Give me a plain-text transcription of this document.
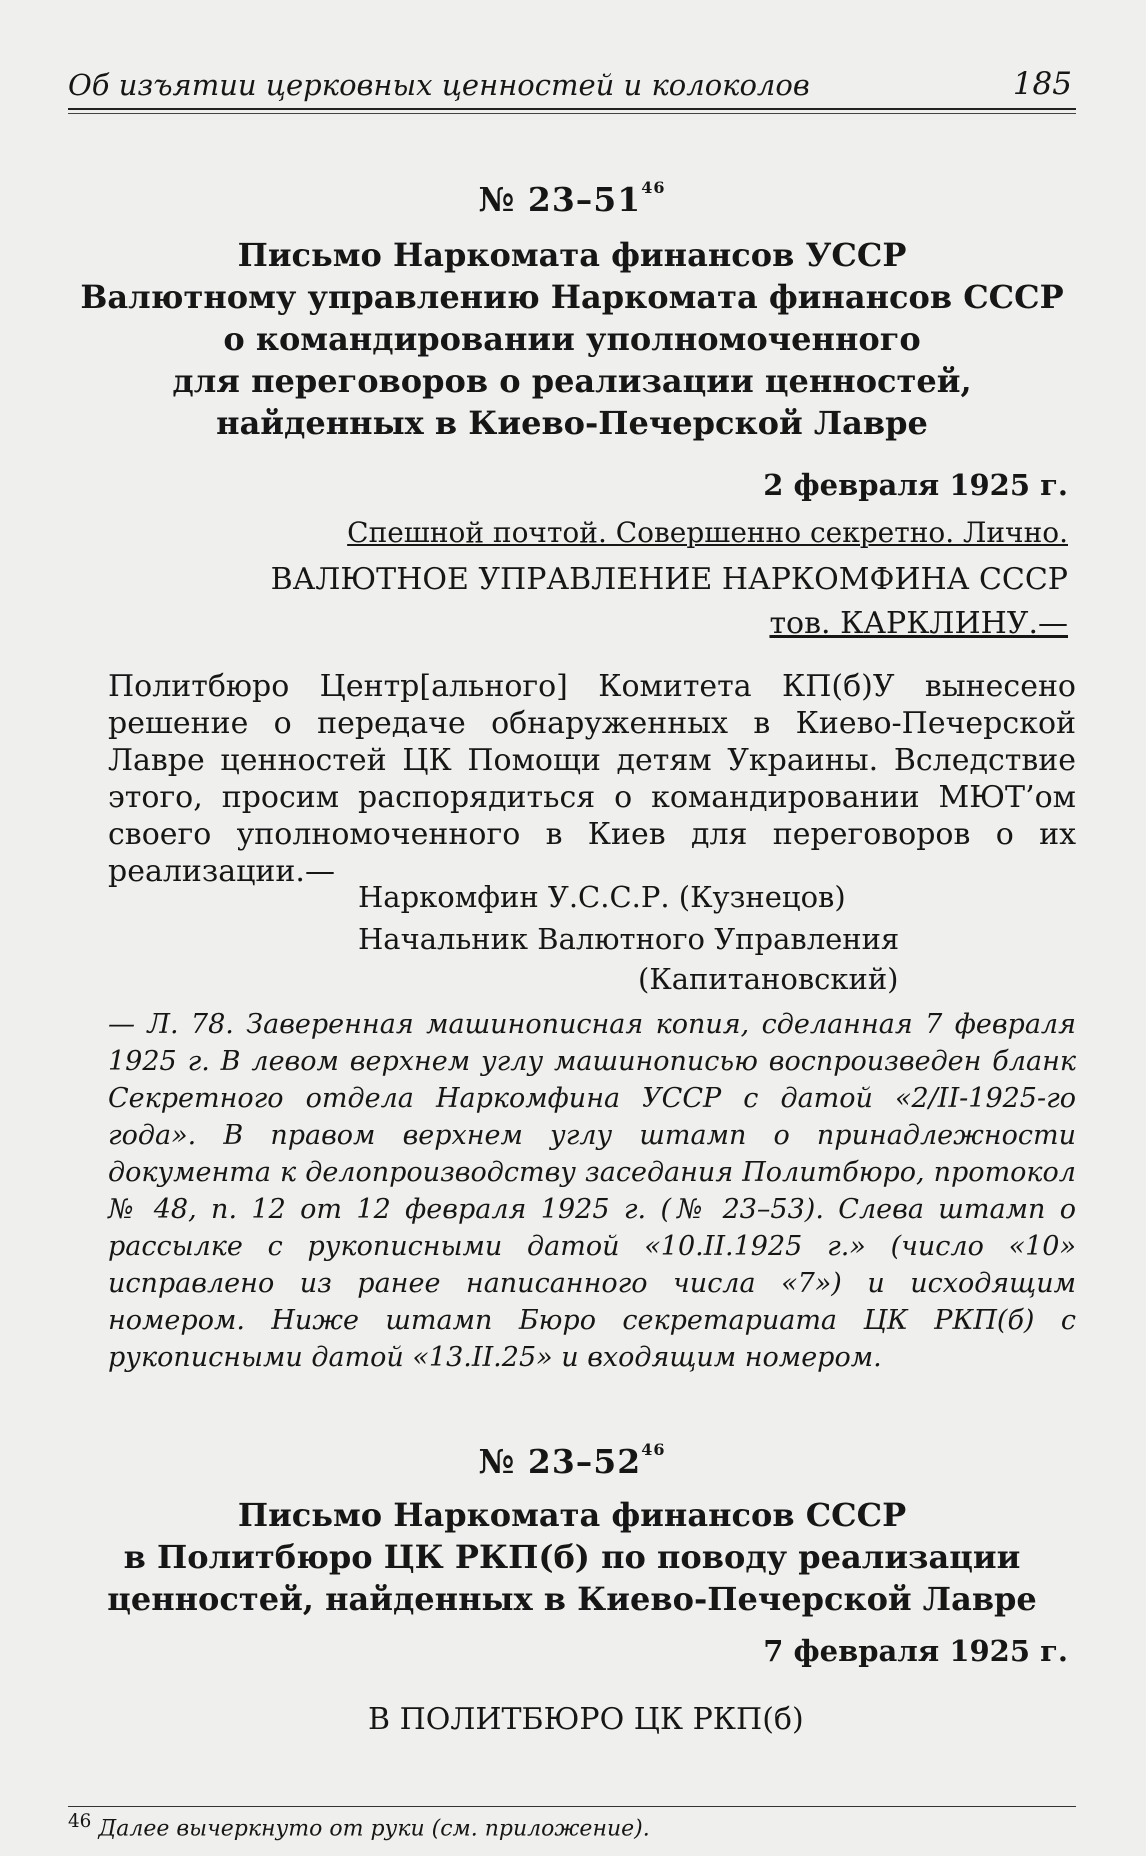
Об изъятии церковных ценностей и колоколов	185
№ $23-51^{46}$
Письмо Наркомата финансов УССР
Валютному управлению Наркомата финансов СССР
о командировании уполномоченного
для переговоров о реализации ценностей,
найденных в Киево-Печерской Лавре
2 февраля 1925 г.
Спешной почтой. Совершенно секретно. Лично.
ВАЛЮТНОЕ УПРАВЛЕНИЕ НАРКОМФИНА СССР
тов. КАРКЛИНУ.—
Политбюро Центр[ального] Комитета КП(б)У вынесено решение о передаче обнаруженных в Киево-Печерской Лавре ценностей ЦК Помощи детям Украины. Вследствие этого, просим распорядиться о командировании МЮТ’ом своего уполномоченного в Киев для переговоров о их реализации.—
Наркомфин У.С.С.Р. (Кузнецов)
Начальник Валютного Управления
(Капитановский)
— Л. 78. Заверенная машинописная копия, сделанная 7 февраля 1925 г. В левом верхнем углу машинописью воспроизведен бланк Секретного отдела Наркомфина УССР с датой «2/II-1925-го года». В правом верхнем углу штамп о принадлежности документа к делопроизводству заседания Политбюро, протокол № 48, п. 12 от 12 февраля 1925 г. (№ 23–53). Слева штамп о рассылке с рукописными датой «10.II.1925 г.» (число «10» исправлено из ранее написанного числа «7») и исходящим номером. Ниже штамп Бюро секретариата ЦК РКП(б) с рукописными датой «13.II.25» и входящим номером.
№ $23-52^{46}$
Письмо Наркомата финансов СССР
в Политбюро ЦК РКП(б) по поводу реализации
ценностей, найденных в Киево-Печерской Лавре
7 февраля 1925 г.
В ПОЛИТБЮРО ЦК РКП(б)
$^{46}$ Далее вычеркнуто от руки (см. приложение).
